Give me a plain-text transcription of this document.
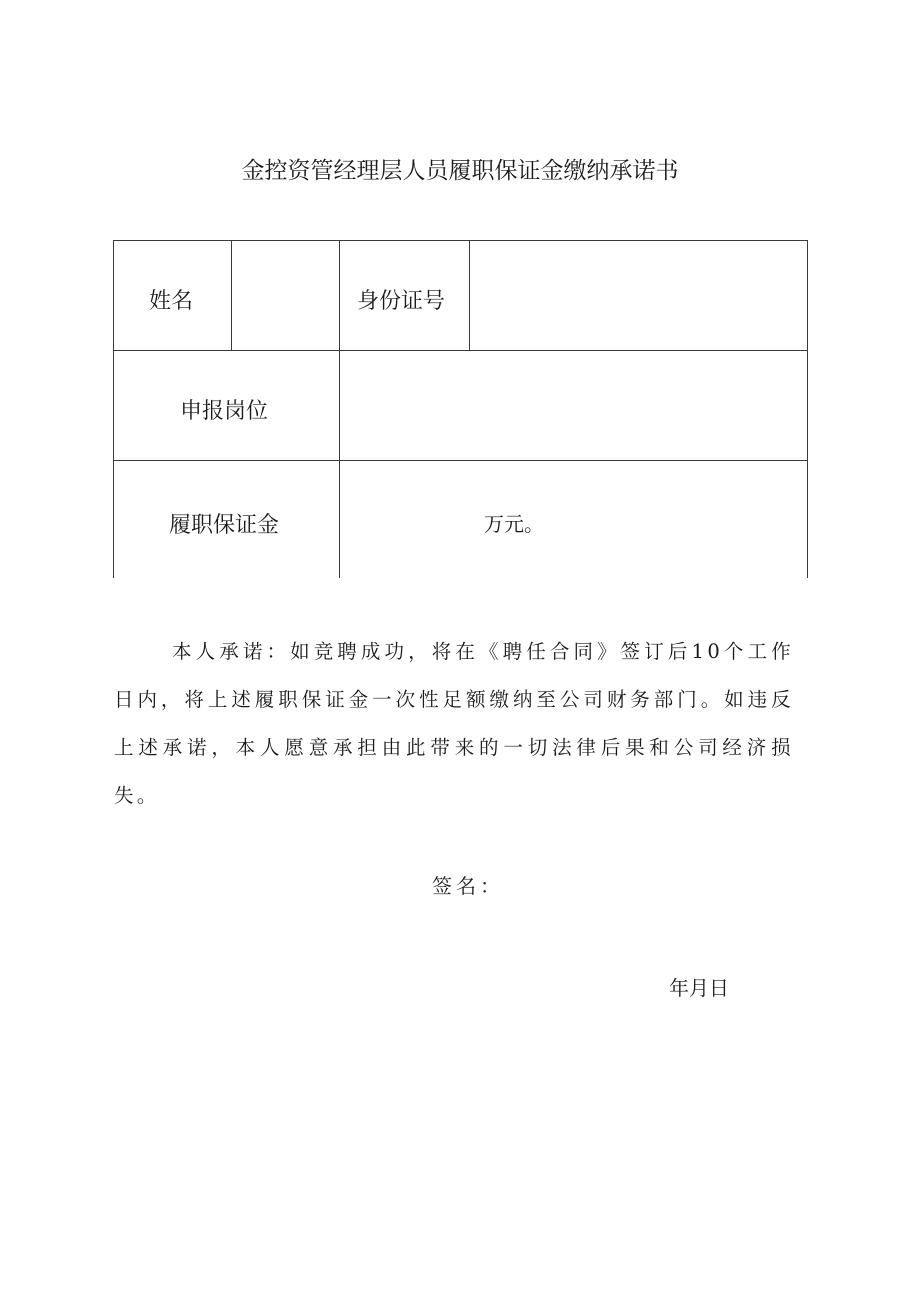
金控资管经理层人员履职保证金缴纳承诺书
姓名	身份证号
申报岗位
履职保证金	万元。
本人承诺：如竞聘成功，将在《聘任合同》签订后10个工作日内，将上述履职保证金一次性足额缴纳至公司财务部门。如违反上述承诺，本人愿意承担由此带来的一切法律后果和公司经济损失。
签名：
年月日
